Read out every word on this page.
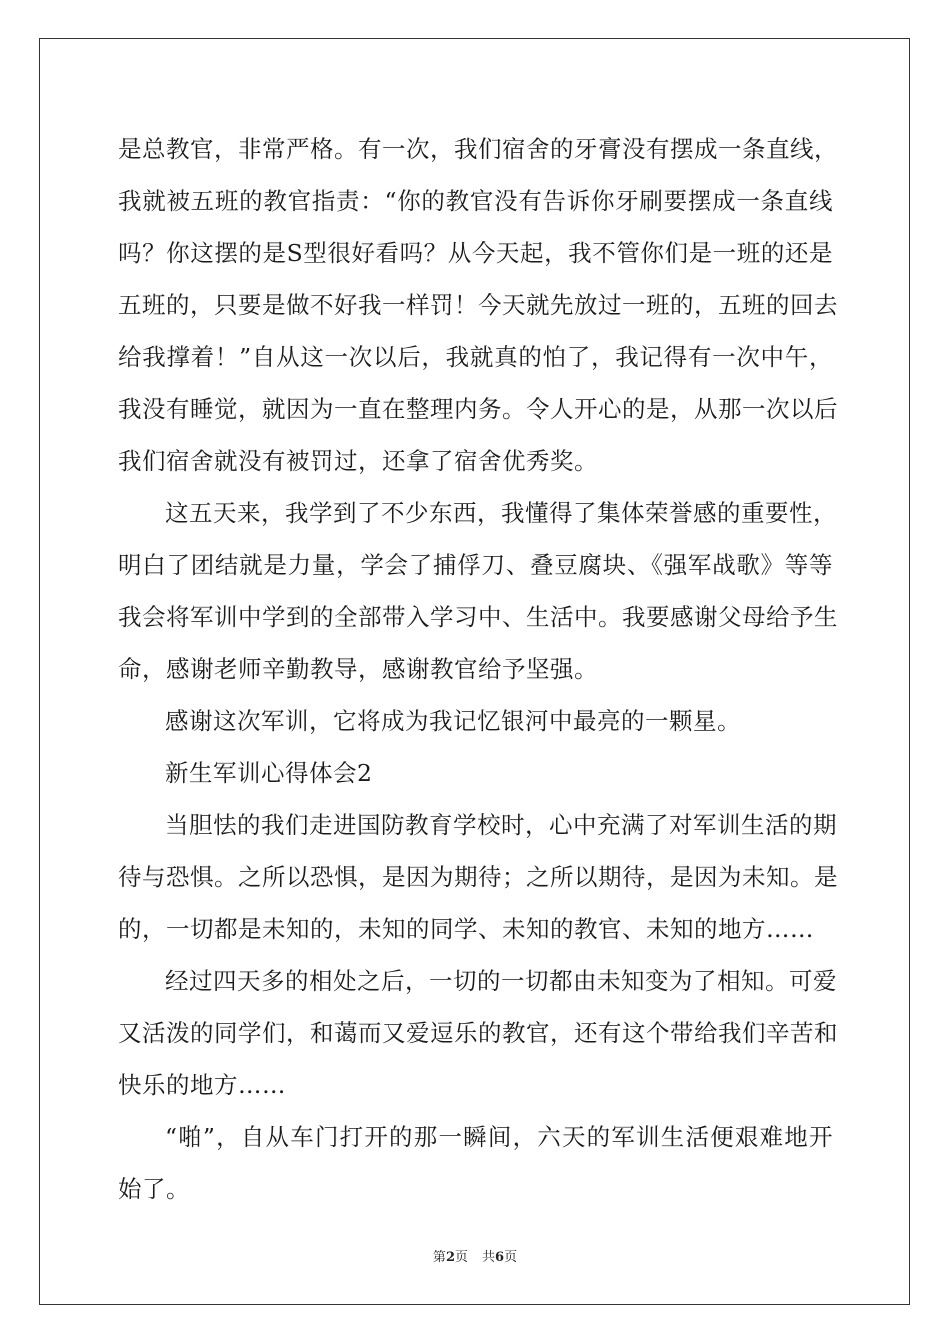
是总教官，非常严格。有一次，我们宿舍的牙膏没有摆成一条直线，
我就被五班的教官指责：“你的教官没有告诉你牙刷要摆成一条直线
吗？你这摆的是S型很好看吗？从今天起，我不管你们是一班的还是
五班的，只要是做不好我一样罚！今天就先放过一班的，五班的回去
给我撑着！”自从这一次以后，我就真的怕了，我记得有一次中午，
我没有睡觉，就因为一直在整理内务。令人开心的是，从那一次以后
我们宿舍就没有被罚过，还拿了宿舍优秀奖。
这五天来，我学到了不少东西，我懂得了集体荣誉感的重要性，
明白了团结就是力量，学会了捕俘刀、叠豆腐块、《强军战歌》等等
我会将军训中学到的全部带入学习中、生活中。我要感谢父母给予生
命，感谢老师辛勤教导，感谢教官给予坚强。
感谢这次军训，它将成为我记忆银河中最亮的一颗星。
新生军训心得体会2
当胆怯的我们走进国防教育学校时，心中充满了对军训生活的期
待与恐惧。之所以恐惧，是因为期待；之所以期待，是因为未知。是
的，一切都是未知的，未知的同学、未知的教官、未知的地方……
经过四天多的相处之后，一切的一切都由未知变为了相知。可爱
又活泼的同学们，和蔼而又爱逗乐的教官，还有这个带给我们辛苦和
快乐的地方……
“啪”，自从车门打开的那一瞬间，六天的军训生活便艰难地开
始了。
第2页 共6页
